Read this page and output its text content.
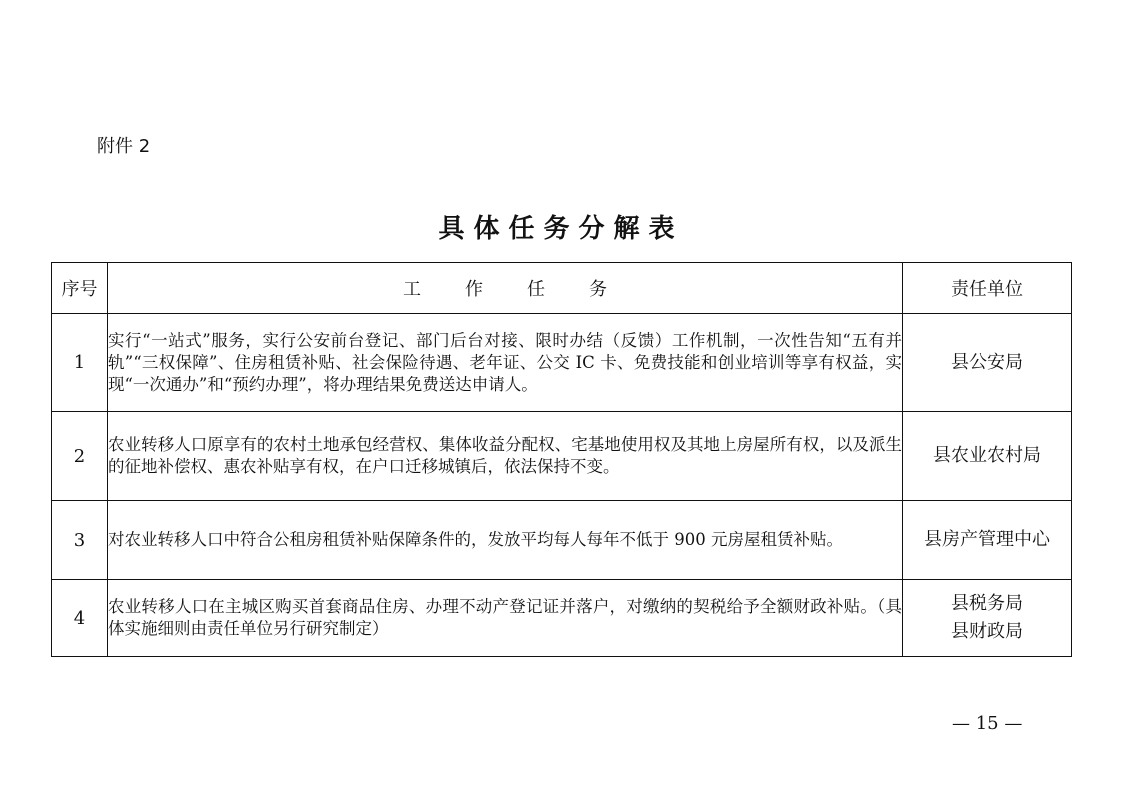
附件 2
具体任务分解表
序号	工作任务	责任单位
1	实行“一站式”服务，实行公安前台登记、部门后台对接、限时办结（反馈）工作机制，一次性告知“五有并轨”“三权保障”、住房租赁补贴、社会保险待遇、老年证、公交 IC 卡、免费技能和创业培训等享有权益，实现“一次通办”和“预约办理”，将办理结果免费送达申请人。	县公安局

2	农业转移人口原享有的农村土地承包经营权、集体收益分配权、宅基地使用权及其地上房屋所有权，以及派生的征地补偿权、惠农补贴享有权，在户口迁移城镇后，依法保持不变。	县农业农村局

3	对农业转移人口中符合公租房租赁补贴保障条件的，发放平均每人每年不低于 900 元房屋租赁补贴。	县房产管理中心

4	农业转移人口在主城区购买首套商品住房、办理不动产登记证并落户，对缴纳的契税给予全额财政补贴。（具体实施细则由责任单位另行研究制定）	县税务局
县财政局
— 15 —
